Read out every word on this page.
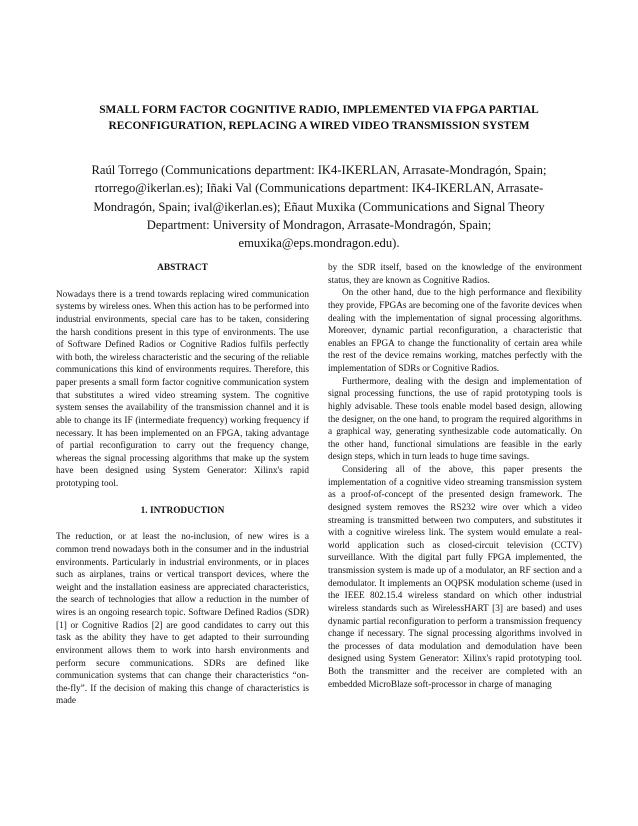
SMALL FORM FACTOR COGNITIVE RADIO, IMPLEMENTED VIA FPGA PARTIAL RECONFIGURATION, REPLACING A WIRED VIDEO TRANSMISSION SYSTEM
Raúl Torrego (Communications department: IK4-IKERLAN, Arrasate-Mondragón, Spain; rtorrego@ikerlan.es); Iñaki Val (Communications department: IK4-IKERLAN, Arrasate-Mondragón, Spain; ival@ikerlan.es); Eñaut Muxika (Communications and Signal Theory Department: University of Mondragon, Arrasate-Mondragón, Spain; emuxika@eps.mondragon.edu).

ABSTRACT

Nowadays there is a trend towards replacing wired communication systems by wireless ones. When this action has to be performed into industrial environments, special care has to be taken, considering the harsh conditions present in this type of environments. The use of Software Defined Radios or Cognitive Radios fulfils perfectly with both, the wireless characteristic and the securing of the reliable communications this kind of environments requires. Therefore, this paper presents a small form factor cognitive communication system that substitutes a wired video streaming system. The cognitive system senses the availability of the transmission channel and it is able to change its IF (intermediate frequency) working frequency if necessary. It has been implemented on an FPGA, taking advantage of partial reconfiguration to carry out the frequency change, whereas the signal processing algorithms that make up the system have been designed using System Generator: Xilinx's rapid prototyping tool.

1. INTRODUCTION

The reduction, or at least the no-inclusion, of new wires is a common trend nowadays both in the consumer and in the industrial environments. Particularly in industrial environments, or in places such as airplanes, trains or vertical transport devices, where the weight and the installation easiness are appreciated characteristics, the search of technologies that allow a reduction in the number of wires is an ongoing research topic. Software Defined Radios (SDR) [1] or Cognitive Radios [2] are good candidates to carry out this task as the ability they have to get adapted to their surrounding environment allows them to work into harsh environments and perform secure communications. SDRs are defined like communication systems that can change their characteristics “on-the-fly”. If the decision of making this change of characteristics is made

by the SDR itself, based on the knowledge of the environment status, they are known as Cognitive Radios.

On the other hand, due to the high performance and flexibility they provide, FPGAs are becoming one of the favorite devices when dealing with the implementation of signal processing algorithms. Moreover, dynamic partial reconfiguration, a characteristic that enables an FPGA to change the functionality of certain area while the rest of the device remains working, matches perfectly with the implementation of SDRs or Cognitive Radios.

Furthermore, dealing with the design and implementation of signal processing functions, the use of rapid prototyping tools is highly advisable. These tools enable model based design, allowing the designer, on the one hand, to program the required algorithms in a graphical way, generating synthesizable code automatically. On the other hand, functional simulations are feasible in the early design steps, which in turn leads to huge time savings.

Considering all of the above, this paper presents the implementation of a cognitive video streaming transmission system as a proof-of-concept of the presented design framework. The designed system removes the RS232 wire over which a video streaming is transmitted between two computers, and substitutes it with a cognitive wireless link. The system would emulate a real-world application such as closed-circuit television (CCTV) surveillance. With the digital part fully FPGA implemented, the transmission system is made up of a modulator, an RF section and a demodulator. It implements an OQPSK modulation scheme (used in the IEEE 802.15.4 wireless standard on which other industrial wireless standards such as WirelessHART [3] are based) and uses dynamic partial reconfiguration to perform a transmission frequency change if necessary. The signal processing algorithms involved in the processes of data modulation and demodulation have been designed using System Generator: Xilinx's rapid prototyping tool. Both the transmitter and the receiver are completed with an embedded MicroBlaze soft-processor in charge of managing
